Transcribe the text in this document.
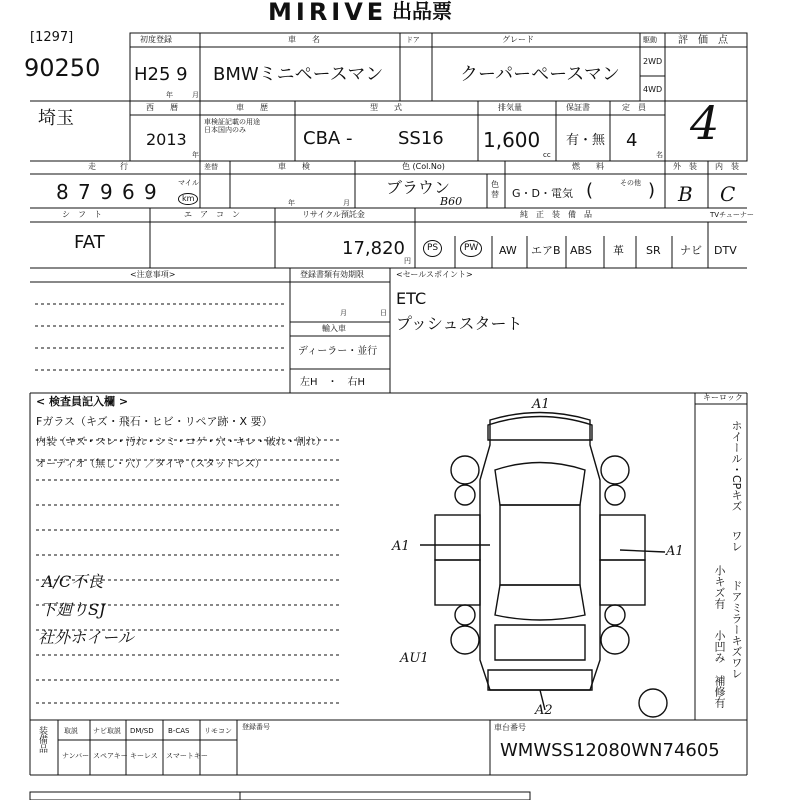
MIRIVE 出品票
[1297]
90250
初度登録
H25 9
年	月
車　　名
BMWミニペースマン
ドア	グレード
クーパーペースマン
駆動
2WD
4WD
評　価　点
埼玉
西　　暦
2013
年
車　　歴
車検証記載の用途
日本国内のみ
型　　式
CBA -	SS16
排気量
1,600
cc
保証書
有・無
定　員
4
名
4
走　　　行
8 7 9 6 9	マイル
km
差替	車　　検
年	月
色 (Col.No)
ブラウン
B60
色替
燃　　料
G・D・電気 (	その他 )
外　装
B
内　装
C
シ　フ　ト
FAT
エ　ア　コ　ン	リサイクル預託金
17,820
円
純　正　装　備　品	TVチューナー
PS	PW	AW エアB ABS 革 SR ナビ DTV
<注意事項>	登録書類有効期限
月	日
輸入車
ディーラー・並行
左H　・　右H
<セールスポイント>
ETC
プッシュスタート
< 検査員記入欄 >
Fガラス（キズ・飛石・ヒビ・リペア跡・X 要）
内装（キズ・スレ・汚れ・シミ・コゲ・穴・キレ・破れ・割れ）
オーディオ（無し・穴）／タイヤ（スタッドレス）
A/C不良
下廻りSJ
社外ホイール
キーロック
ホイール・CPキズ
ワレ
小キズ有
小凹み
補修有
ドアミラーキズワレ
A1
A1	A1
AU1
A2
装備品 取説 ナビ取説 DM/SD B-CAS リモコン
ナンバー スペアキー キーレス スマートキー
登録番号	車台番号
WMWSS12080WN74605
